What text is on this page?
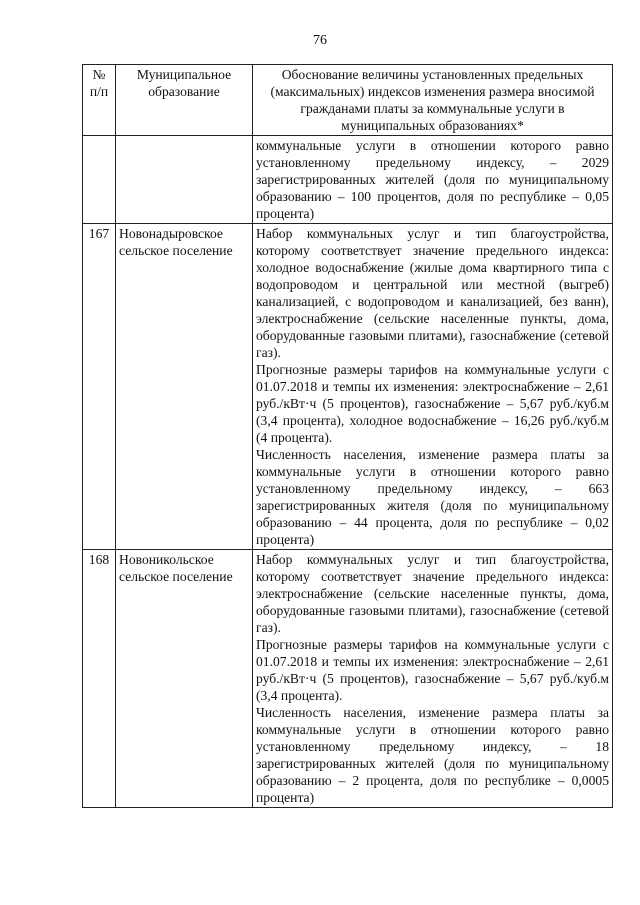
76
№ п/п	Муниципальное образование	Обоснование величины установленных предельных (максимальных) индексов изменения размера вносимой гражданами платы за коммунальные услуги в муниципальных образованиях*

		коммунальные услуги в отношении которого равно установленному предельному индексу, – 2029 зарегистрированных жителей (доля по муниципальному образованию – 100 процентов, доля по республике – 0,05 процента)

167	Новонадыровское сельское поселение	Набор коммунальных услуг и тип благоустройства, которому соответствует значение предельного индекса: холодное водоснабжение (жилые дома квартирного типа с водопроводом и центральной или местной (выгреб) канализацией, с водопроводом и канализацией, без ванн), электроснабжение (сельские населенные пункты, дома, оборудованные газовыми плитами), газоснабжение (сетевой газ).

Прогнозные размеры тарифов на коммунальные услуги с 01.07.2018 и темпы их изменения: электроснабжение – 2,61 руб./кВт·ч (5 процентов), газоснабжение – 5,67 руб./куб.м (3,4 процента), холодное водоснабжение – 16,26 руб./куб.м (4 процента).

Численность населения, изменение размера платы за коммунальные услуги в отношении которого равно установленному предельному индексу, – 663 зарегистрированных жителя (доля по муниципальному образованию – 44 процента, доля по республике – 0,02 процента)

168	Новоникольское сельское поселение	Набор коммунальных услуг и тип благоустройства, которому соответствует значение предельного индекса: электроснабжение (сельские населенные пункты, дома, оборудованные газовыми плитами), газоснабжение (сетевой газ).

Прогнозные размеры тарифов на коммунальные услуги с 01.07.2018 и темпы их изменения: электроснабжение – 2,61 руб./кВт·ч (5 процентов), газоснабжение – 5,67 руб./куб.м (3,4 процента).

Численность населения, изменение размера платы за коммунальные услуги в отношении которого равно установленному предельному индексу, – 18 зарегистрированных жителей (доля по муниципальному образованию – 2 процента, доля по республике – 0,0005 процента)
